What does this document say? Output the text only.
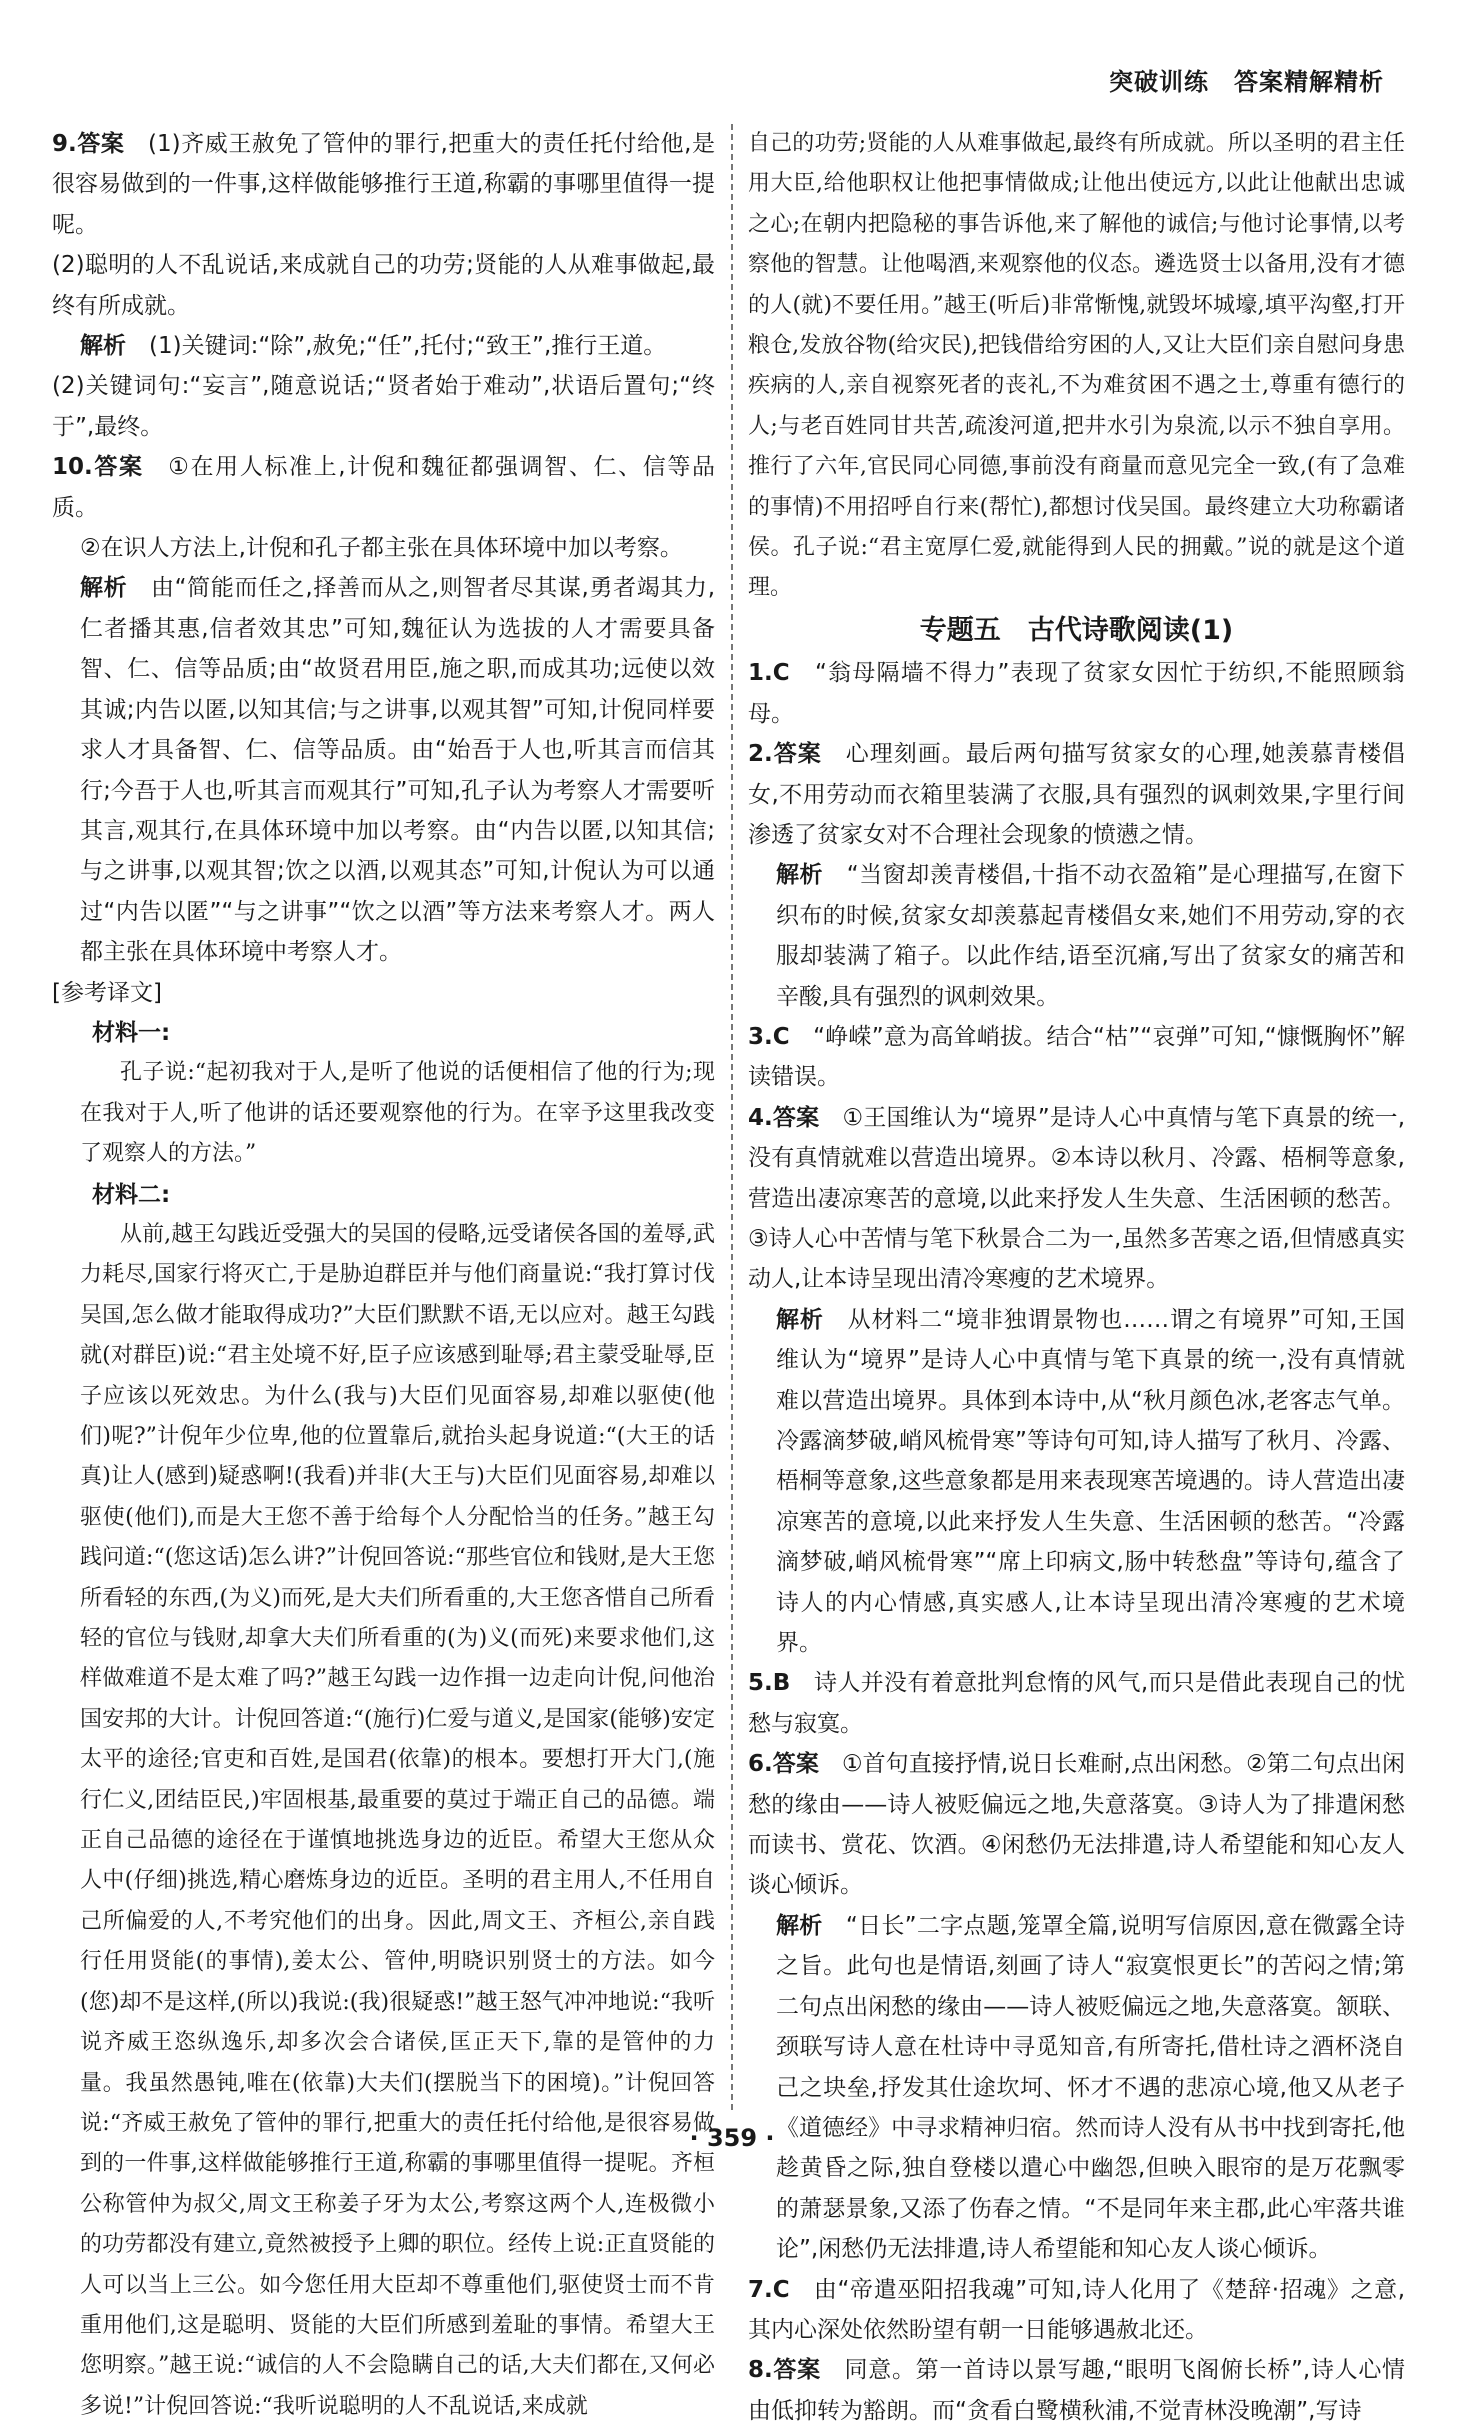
突破训练　答案精解精析

9.答案　 (1)齐威王赦免了管仲的罪行,把重大的责任托付给他,是很容易做到的一件事,这样做能够推行王道,称霸的事哪里值得一提呢。

(2)聪明的人不乱说话,来成就自己的功劳;贤能的人从难事做起,最终有所成就。

解析　 (1)关键词:“除”,赦免;“任”,托付;“致王”,推行王道。

(2)关键词句:“妄言”,随意说话;“贤者始于难动”,状语后置句;“终于”,最终。

10.答案　 ①在用人标准上,计倪和魏征都强调智、仁、信等品质。

②在识人方法上,计倪和孔子都主张在具体环境中加以考察。

解析　 由“简能而任之,择善而从之,则智者尽其谋,勇者竭其力,仁者播其惠,信者效其忠”可知,魏征认为选拔的人才需要具备智、仁、信等品质;由“故贤君用臣,施之职,而成其功;远使以效其诚;内告以匿,以知其信;与之讲事,以观其智”可知,计倪同样要求人才具备智、仁、信等品质。由“始吾于人也,听其言而信其行;今吾于人也,听其言而观其行”可知,孔子认为考察人才需要听其言,观其行,在具体环境中加以考察。由“内告以匿,以知其信;与之讲事,以观其智;饮之以酒,以观其态”可知,计倪认为可以通过“内告以匿”“与之讲事”“饮之以酒”等方法来考察人才。两人都主张在具体环境中考察人才。

[参考译文]

材料一:

孔子说:“起初我对于人,是听了他说的话便相信了他的行为;现在我对于人,听了他讲的话还要观察他的行为。在宰予这里我改变了观察人的方法。”

材料二:

从前,越王勾践近受强大的吴国的侵略,远受诸侯各国的羞辱,武力耗尽,国家行将灭亡,于是胁迫群臣并与他们商量说:“我打算讨伐吴国,怎么做才能取得成功?”大臣们默默不语,无以应对。越王勾践就(对群臣)说:“君主处境不好,臣子应该感到耻辱;君主蒙受耻辱,臣子应该以死效忠。为什么(我与)大臣们见面容易,却难以驱使(他们)呢?”计倪年少位卑,他的位置靠后,就抬头起身说道:“(大王的话真)让人(感到)疑惑啊!(我看)并非(大王与)大臣们见面容易,却难以驱使(他们),而是大王您不善于给每个人分配恰当的任务。”越王勾践问道:“(您这话)怎么讲?”计倪回答说:“那些官位和钱财,是大王您所看轻的东西,(为义)而死,是大夫们所看重的,大王您吝惜自己所看轻的官位与钱财,却拿大夫们所看重的(为)义(而死)来要求他们,这样做难道不是太难了吗?”越王勾践一边作揖一边走向计倪,问他治国安邦的大计。计倪回答道:“(施行)仁爱与道义,是国家(能够)安定太平的途径;官吏和百姓,是国君(依靠)的根本。要想打开大门,(施行仁义,团结臣民,)牢固根基,最重要的莫过于端正自己的品德。端正自己品德的途径在于谨慎地挑选身边的近臣。希望大王您从众人中(仔细)挑选,精心磨炼身边的近臣。圣明的君主用人,不任用自己所偏爱的人,不考究他们的出身。因此,周文王、齐桓公,亲自践行任用贤能(的事情),姜太公、管仲,明晓识别贤士的方法。如今(您)却不是这样,(所以)我说:(我)很疑惑!”越王怒气冲冲地说:“我听说齐威王恣纵逸乐,却多次会合诸侯,匡正天下,靠的是管仲的力量。我虽然愚钝,唯在(依靠)大夫们(摆脱当下的困境)。”计倪回答说:“齐威王赦免了管仲的罪行,把重大的责任托付给他,是很容易做到的一件事,这样做能够推行王道,称霸的事哪里值得一提呢。齐桓公称管仲为叔父,周文王称姜子牙为太公,考察这两个人,连极微小的功劳都没有建立,竟然被授予上卿的职位。经传上说:正直贤能的人可以当上三公。如今您任用大臣却不尊重他们,驱使贤士而不肯重用他们,这是聪明、贤能的大臣们所感到羞耻的事情。希望大王您明察。”越王说:“诚信的人不会隐瞒自己的话,大夫们都在,又何必多说!”计倪回答说:“我听说聪明的人不乱说话,来成就

自己的功劳;贤能的人从难事做起,最终有所成就。所以圣明的君主任用大臣,给他职权让他把事情做成;让他出使远方,以此让他献出忠诚之心;在朝内把隐秘的事告诉他,来了解他的诚信;与他讨论事情,以考察他的智慧。让他喝酒,来观察他的仪态。遴选贤士以备用,没有才德的人(就)不要任用。”越王(听后)非常惭愧,就毁坏城壕,填平沟壑,打开粮仓,发放谷物(给灾民),把钱借给穷困的人,又让大臣们亲自慰问身患疾病的人,亲自视察死者的丧礼,不为难贫困不遇之士,尊重有德行的人;与老百姓同甘共苦,疏浚河道,把井水引为泉流,以示不独自享用。推行了六年,官民同心同德,事前没有商量而意见完全一致,(有了急难的事情)不用招呼自行来(帮忙),都想讨伐吴国。最终建立大功称霸诸侯。孔子说:“君主宽厚仁爱,就能得到人民的拥戴。”说的就是这个道理。

专题五　古代诗歌阅读(1)

1.C　 “翁母隔墙不得力”表现了贫家女因忙于纺织,不能照顾翁母。

2.答案　 心理刻画。最后两句描写贫家女的心理,她羡慕青楼倡女,不用劳动而衣箱里装满了衣服,具有强烈的讽刺效果,字里行间渗透了贫家女对不合理社会现象的愤懑之情。

解析　 “当窗却羡青楼倡,十指不动衣盈箱”是心理描写,在窗下织布的时候,贫家女却羡慕起青楼倡女来,她们不用劳动,穿的衣服却装满了箱子。以此作结,语至沉痛,写出了贫家女的痛苦和辛酸,具有强烈的讽刺效果。

3.C　 “峥嵘”意为高耸峭拔。结合“枯”“哀弹”可知,“慷慨胸怀”解读错误。

4.答案　 ①王国维认为“境界”是诗人心中真情与笔下真景的统一,没有真情就难以营造出境界。②本诗以秋月、冷露、梧桐等意象,营造出凄凉寒苦的意境,以此来抒发人生失意、生活困顿的愁苦。③诗人心中苦情与笔下秋景合二为一,虽然多苦寒之语,但情感真实动人,让本诗呈现出清冷寒瘦的艺术境界。

解析　 从材料二“境非独谓景物也……谓之有境界”可知,王国维认为“境界”是诗人心中真情与笔下真景的统一,没有真情就难以营造出境界。具体到本诗中,从“秋月颜色冰,老客志气单。冷露滴梦破,峭风梳骨寒”等诗句可知,诗人描写了秋月、冷露、梧桐等意象,这些意象都是用来表现寒苦境遇的。诗人营造出凄凉寒苦的意境,以此来抒发人生失意、生活困顿的愁苦。“冷露滴梦破,峭风梳骨寒”“席上印病文,肠中转愁盘”等诗句,蕴含了诗人的内心情感,真实感人,让本诗呈现出清冷寒瘦的艺术境界。

5.B　 诗人并没有着意批判怠惰的风气,而只是借此表现自己的忧愁与寂寞。

6.答案　 ①首句直接抒情,说日长难耐,点出闲愁。②第二句点出闲愁的缘由——诗人被贬偏远之地,失意落寞。③诗人为了排遣闲愁而读书、赏花、饮酒。④闲愁仍无法排遣,诗人希望能和知心友人谈心倾诉。

解析　 “日长”二字点题,笼罩全篇,说明写信原因,意在微露全诗之旨。此句也是情语,刻画了诗人“寂寞恨更长”的苦闷之情;第二句点出闲愁的缘由——诗人被贬偏远之地,失意落寞。颔联、颈联写诗人意在杜诗中寻觅知音,有所寄托,借杜诗之酒杯浇自己之块垒,抒发其仕途坎坷、怀才不遇的悲凉心境,他又从老子《道德经》中寻求精神归宿。然而诗人没有从书中找到寄托,他趁黄昏之际,独自登楼以遣心中幽怨,但映入眼帘的是万花飘零的萧瑟景象,又添了伤春之情。“不是同年来主郡,此心牢落共谁论”,闲愁仍无法排遣,诗人希望能和知心友人谈心倾诉。

7.C　 由“帝遣巫阳招我魂”可知,诗人化用了《楚辞·招魂》之意,其内心深处依然盼望有朝一日能够遇赦北还。

8.答案　 同意。第一首诗以景写趣,“眼明飞阁俯长桥”,诗人心情由低抑转为豁朗。而“贪看白鹭横秋浦,不觉青林没晚潮”,写诗

· 359 ·
